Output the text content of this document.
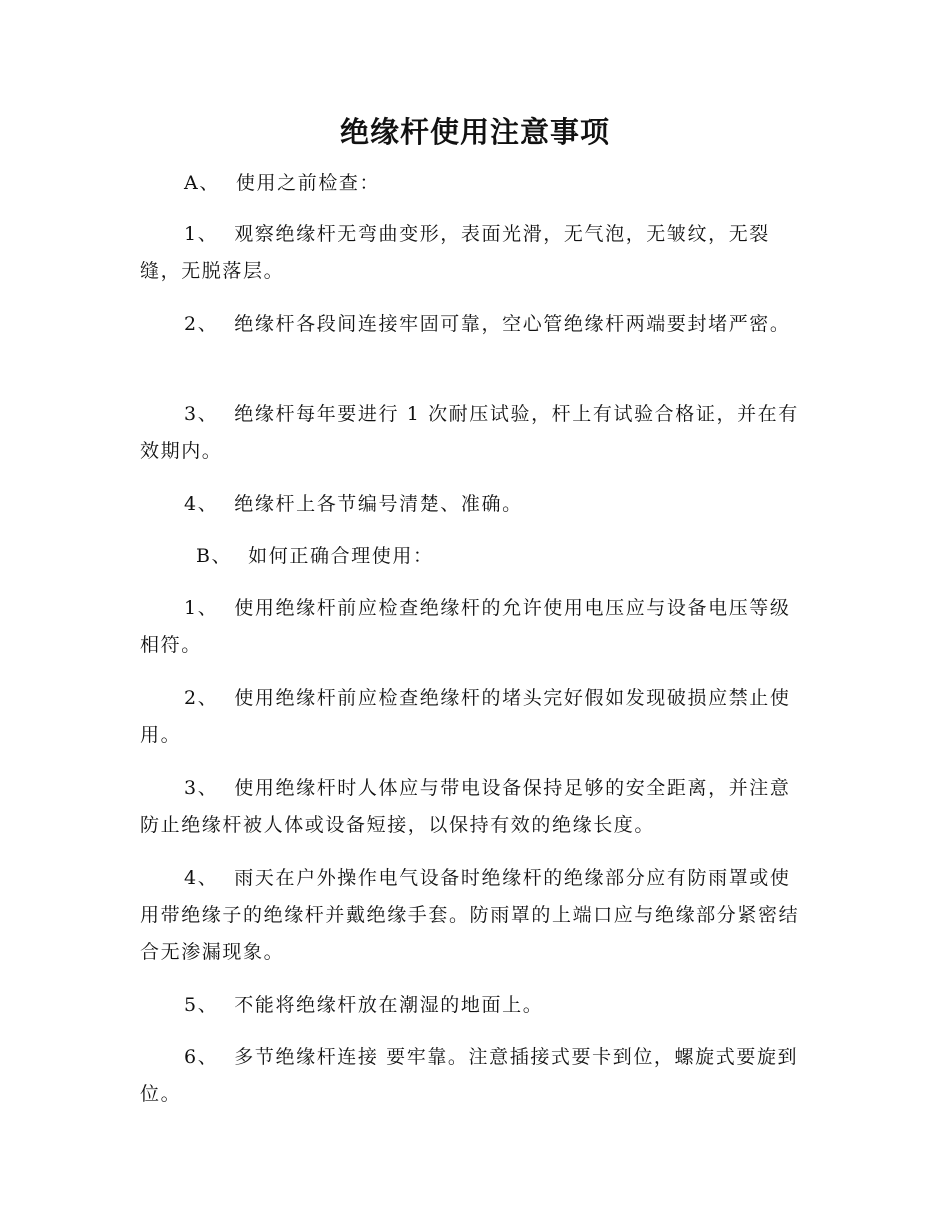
绝缘杆使用注意事项

A、 使用之前检查：

1、 观察绝缘杆无弯曲变形，表面光滑，无气泡，无皱纹，无裂缝，无脱落层。

2、 绝缘杆各段间连接牢固可靠，空心管绝缘杆两端要封堵严密。

3、 绝缘杆每年要进行 1 次耐压试验，杆上有试验合格证，并在有效期内。

4、 绝缘杆上各节编号清楚、准确。

B、 如何正确合理使用：

1、 使用绝缘杆前应检查绝缘杆的允许使用电压应与设备电压等级相符。

2、 使用绝缘杆前应检查绝缘杆的堵头完好假如发现破损应禁止使用。

3、 使用绝缘杆时人体应与带电设备保持足够的安全距离，并注意防止绝缘杆被人体或设备短接，以保持有效的绝缘长度。

4、 雨天在户外操作电气设备时绝缘杆的绝缘部分应有防雨罩或使用带绝缘子的绝缘杆并戴绝缘手套。防雨罩的上端口应与绝缘部分紧密结合无渗漏现象。

5、 不能将绝缘杆放在潮湿的地面上。

6、 多节绝缘杆连接 要牢靠。注意插接式要卡到位，螺旋式要旋到位。
